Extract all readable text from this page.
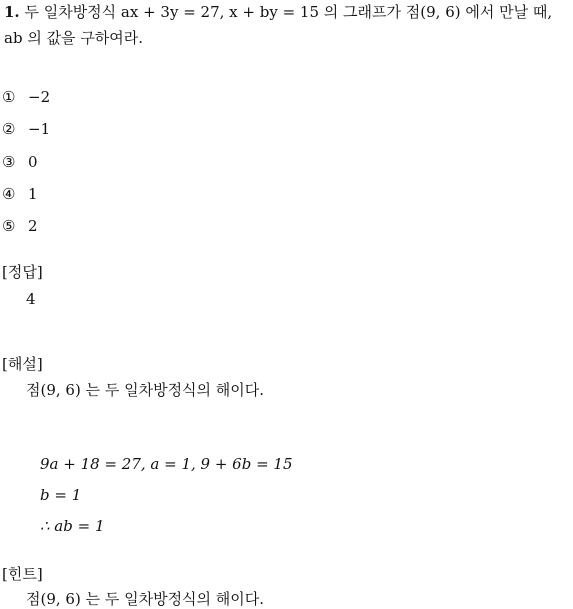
1. 두 일차방정식 ax + 3y = 27, x + by = 15 의 그래프가 점(9, 6) 에서 만날 때,
ab 의 값을 구하여라.
① −2
② −1
③ 0
④ 1
⑤ 2
[정답]
4
[해설]
점(9, 6) 는 두 일차방정식의 해이다.
9a + 18 = 27, a = 1, 9 + 6b = 15
b = 1
∴ ab = 1
[힌트]
점(9, 6) 는 두 일차방정식의 해이다.
